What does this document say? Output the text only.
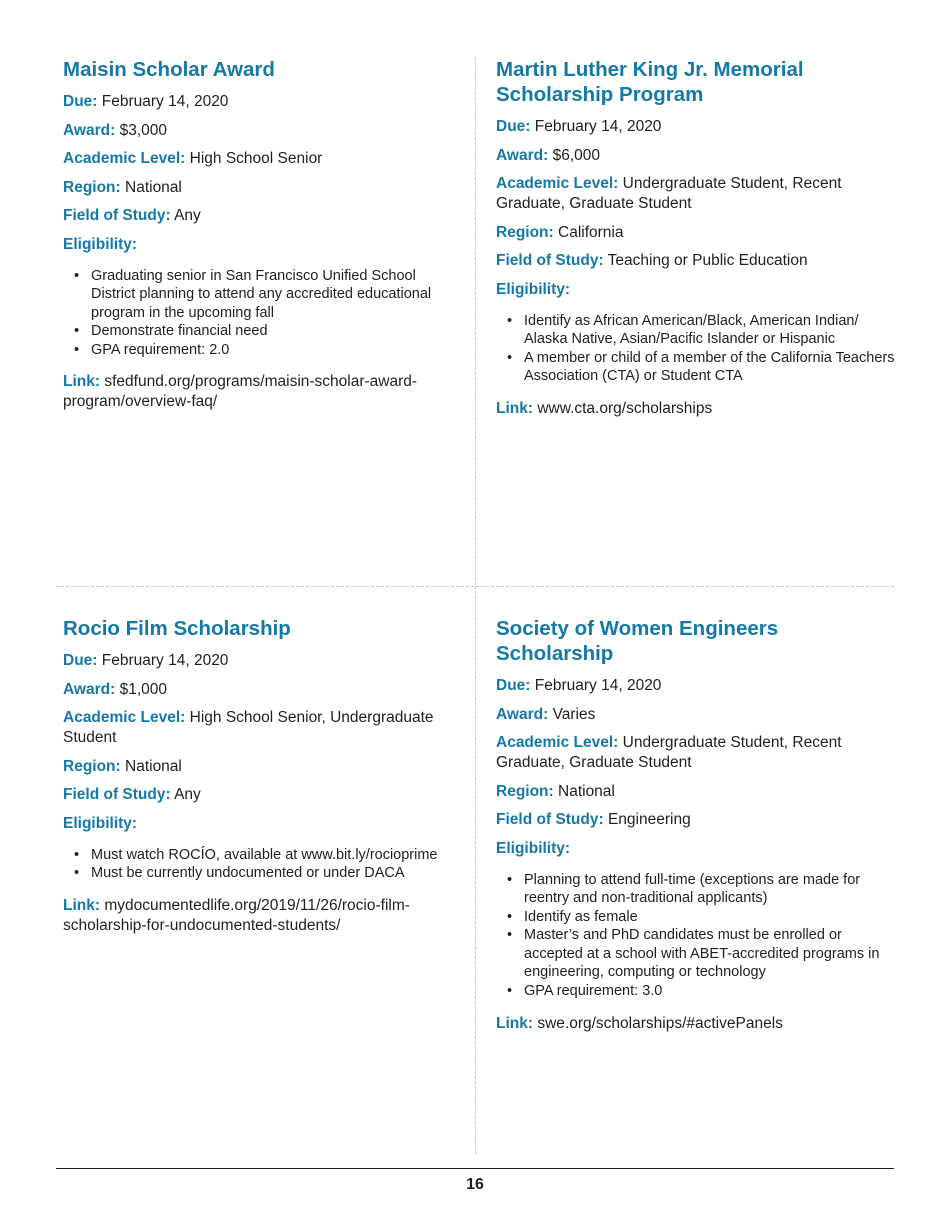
Maisin Scholar Award

Due: February 14, 2020

Award: $3,000

Academic Level: High School Senior

Region: National

Field of Study: Any

Eligibility:

• Graduating senior in San Francisco Unified School District planning to attend any accredited educational program in the upcoming fall
• Demonstrate financial need
• GPA requirement: 2.0

Link: sfedfund.org/programs/maisin-scholar-award-program/overview-faq/

Martin Luther King Jr. Memorial Scholarship Program

Due: February 14, 2020

Award: $6,000

Academic Level: Undergraduate Student, Recent Graduate, Graduate Student

Region: California

Field of Study: Teaching or Public Education

Eligibility:

• Identify as African American/Black, American Indian/ Alaska Native, Asian/Pacific Islander or Hispanic
• A member or child of a member of the California Teachers Association (CTA) or Student CTA

Link: www.cta.org/scholarships

Rocio Film Scholarship

Due: February 14, 2020

Award: $1,000

Academic Level: High School Senior, Undergraduate Student

Region: National

Field of Study: Any

Eligibility:

• Must watch ROCÍO, available at www.bit.ly/rocioprime
• Must be currently undocumented or under DACA

Link: mydocumentedlife.org/2019/11/26/rocio-film-scholarship-for-undocumented-students/

Society of Women Engineers Scholarship

Due: February 14, 2020

Award: Varies

Academic Level: Undergraduate Student, Recent Graduate, Graduate Student

Region: National

Field of Study: Engineering

Eligibility:

• Planning to attend full-time (exceptions are made for reentry and non-traditional applicants)
• Identify as female
• Master’s and PhD candidates must be enrolled or accepted at a school with ABET-accredited programs in engineering, computing or technology
• GPA requirement: 3.0

Link: swe.org/scholarships/#activePanels

16
